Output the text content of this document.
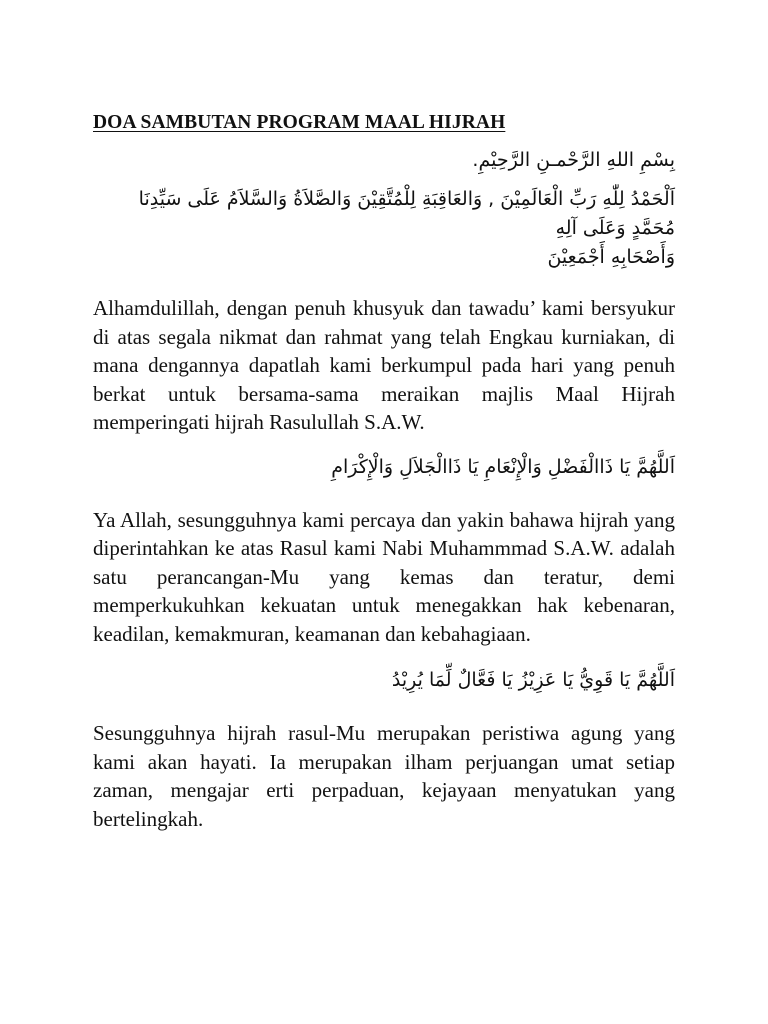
DOA SAMBUTAN PROGRAM MAAL HIJRAH

بِسْمِ اللهِ الرَّحْمـنِ الرَّحِيْمِ.

اَلْحَمْدُ لِلّٰهِ رَبِّ الْعَالَمِيْنَ , وَالعَاقِبَةِ لِلْمُتَّقِيْنَ وَالصَّلاَةُ وَالسَّلاَمُ عَلَى سَيِّدِنَا
مُحَمَّدٍ وَعَلَى آلِهِ
وَأَصْحَابِهِ أَجْمَعِيْنَ

Alhamdulillah, dengan penuh khusyuk dan tawadu’ kami bersyukur di atas segala nikmat dan rahmat yang telah Engkau kurniakan, di mana dengannya dapatlah kami berkumpul pada hari yang penuh berkat untuk bersama-sama meraikan majlis Maal Hijrah memperingati hijrah Rasulullah S.A.W.

اَللَّهُمَّ يَا ذَاالْفَضْلِ وَالْإِنْعَامِ يَا ذَاالْجَلاَلِ وَالْإِكْرَامِ

Ya Allah, sesungguhnya kami percaya dan yakin bahawa hijrah yang diperintahkan ke atas Rasul kami Nabi Muhammmad S.A.W. adalah satu perancangan-Mu yang kemas dan teratur, demi memperkukuhkan kekuatan untuk menegakkan hak kebenaran, keadilan, kemakmuran, keamanan dan kebahagiaan.

اَللَّهُمَّ يَا قَوِيُّ يَا عَزِيْزُ يَا فَعَّالٌ لِّمَا يُرِيْدُ

Sesungguhnya hijrah rasul-Mu merupakan peristiwa agung yang kami akan hayati. Ia merupakan ilham perjuangan umat setiap zaman, mengajar erti perpaduan, kejayaan menyatukan yang bertelingkah.
